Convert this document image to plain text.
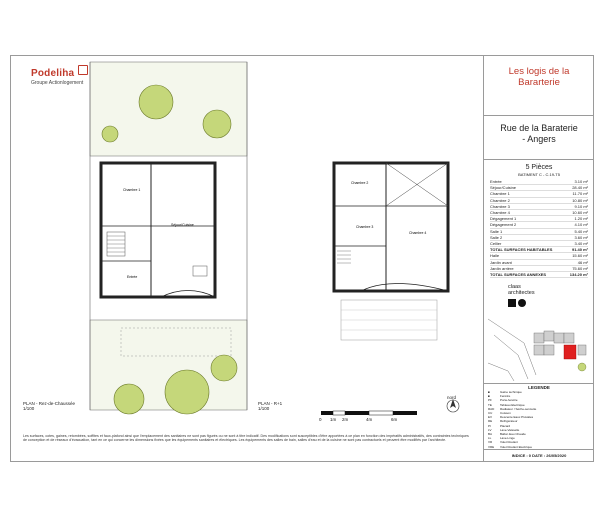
Podeliha
Groupe Actionlogement
Chambre 1
Séjour/Cuisine
Entrée
Chambre 2
Chambre 3
Chambre 4
PLAN - Rez-de-Chaussée
1/100
PLAN - R+1
1/100
0 1m 2m	4m	6m
nord
Les surfaces, cotes, gaines, retombées, soffites et faux-plafond ainsi que l'emplacement des sanitaires ne sont pas figurés ou ne sont à titre indicatif. Des modifications sont susceptibles d'être apportées à ce plan en fonction des impératifs administratifs, des contraintes techniques de conception et de réseaux d'évacuation, tant en ce qui concerne les dimensions fixées que les équipements sanitaires et électriques. Les équipements des salles de bain, salles d'eau et de la cuisine ne sont pas contractuels et peuvent être modifiés par l'architecte.
Les logis de la
Bararterie
Rue de la Baraterie
- Angers
5 Pièces
BATIMENT C - C.19-T5
Entrée	3.10 m²
Séjour/Cuisine	28.40 m²
Chambre 1	11.70 m²
Chambre 2	10.80 m²
Chambre 3	9.10 m²
Chambre 4	10.60 m²
Dégagement 1	1.20 m²
Dégagement 2	4.10 m²
Salle 1	5.40 m²
Salle 2	3.60 m²
Cellier	3.40 m²
TOTAL SURFACES HABITABLES	91.40 m²
Halle	15.60 m²
Jardin avant	46 m²
Jardin arrière	75.60 m²
TOTAL SURFACES ANNEXES	134.20 m²
claas
architectes
LEGENDE
■	Gaine technique
■	Fenêtre
PF	Porte-fenêtre
TE	Tableau Electrique
RAD Radiateur / Sèche-serviette
CU	Cuisson
EV	Descente Eaux Pluviales
RE	Réfrigérateur
PI	Placard
LV	Lave-Vaisselle
BA	Ballon Eau Chaude
LL	Lave-Linge
VR	Volet Roulant
VRE Volet Roulant Electrique
INDICE : 0 DATE : 26/05/2020
